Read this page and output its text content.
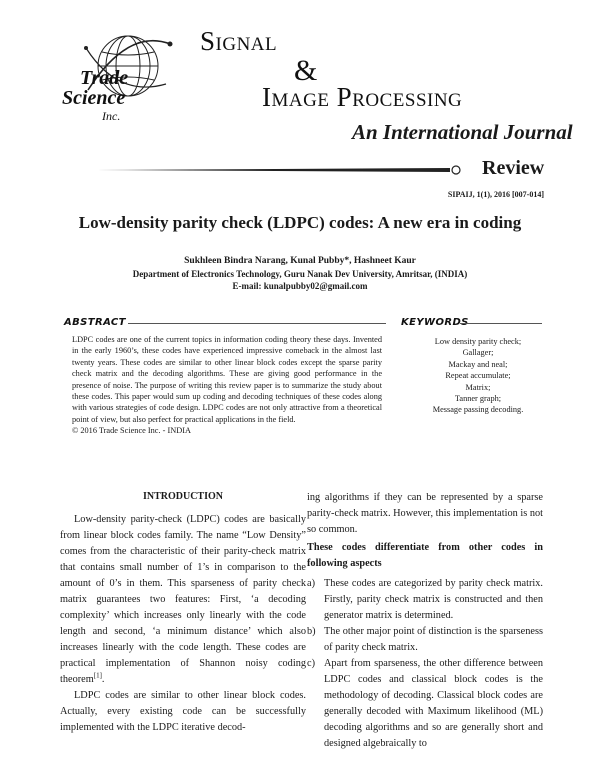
Trade
Science
Inc.
Signal
&
Image Processing
An International Journal
Review
SIPAIJ, 1(1), 2016 [007-014]
Low-density parity check (LDPC) codes: A new era in coding
Sukhleen Bindra Narang, Kunal Pubby*, Hashneet Kaur
Department of Electronics Technology, Guru Nanak Dev University, Amritsar, (INDIA)
E-mail: kunalpubby02@gmail.com
ABSTRACT	KEYWORDS
LDPC codes are one of the current topics in information coding theory these days. Invented in the early 1960’s, these codes have experienced impressive comeback in the almost last twenty years. These codes are similar to other linear block codes except the sparse parity check matrix and the decoding algorithms. These are giving good performance in the presence of noise. The purpose of writing this review paper is to summarize the study about these codes. This paper would sum up coding and decoding techniques of these codes along with various strategies of code design. LDPC codes are not only attractive from a theoretical point of view, but also perfect for practical applications in the field.
© 2016 Trade Science Inc. - INDIA
Low density parity check;
Gallager;
Mackay and neal;
Repeat accumulate;
Matrix;
Tanner graph;
Message passing decoding.
INTRODUCTION

Low-density parity-check (LDPC) codes are basically from linear block codes family. The name “Low Density” comes from the characteristic of their parity-check matrix that contains small number of 1’s in comparison to the amount of 0’s in them. This sparseness of parity check matrix guarantees two features: First, ‘a decoding complexity’ which increases only linearly with the code length and second, ‘a minimum distance’ which also increases linearly with the code length. These codes are practical implementation of Shannon noisy coding theorem[1].

LDPC codes are similar to other linear block codes. Actually, every existing code can be successfully implemented with the LDPC iterative decod-

ing algorithms if they can be represented by a sparse parity-check matrix. However, this implementation is not so common.

These codes differentiate from other codes in following aspects

a) These codes are categorized by parity check matrix. Firstly, parity check matrix is constructed and then generator matrix is determined.
b) The other major point of distinction is the sparseness of parity check matrix.
c) Apart from sparseness, the other difference between LDPC codes and classical block codes is the methodology of decoding. Classical block codes are generally decoded with Maximum likelihood (ML) decoding algorithms and so are generally short and designed algebraically to
